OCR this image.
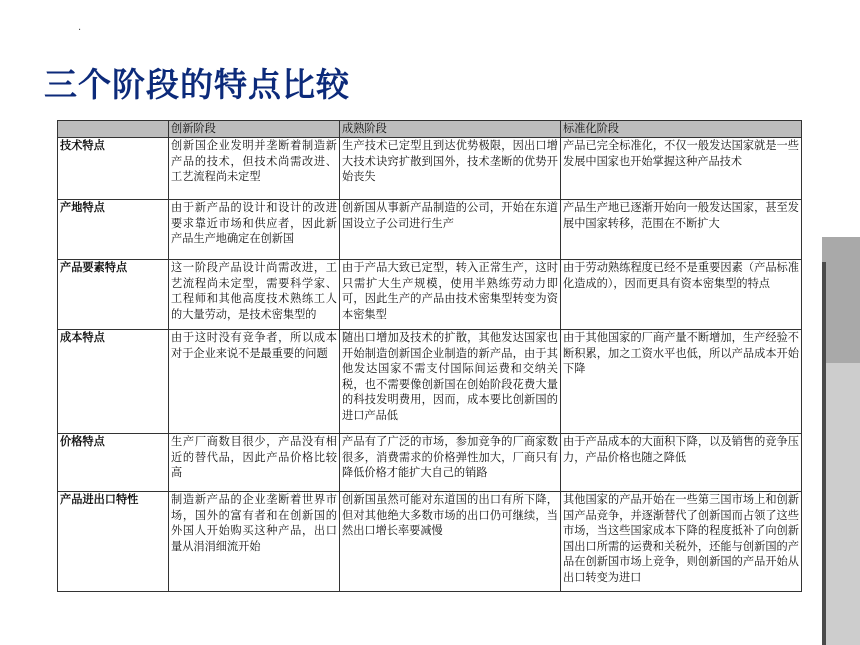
·
三个阶段的特点比较
	创新阶段	成熟阶段	标准化阶段
技术特点	创新国企业发明并垄断着制造新产品的技术，但技术尚需改进、工艺流程尚未定型	生产技术已定型且到达优势极限，因出口增大技术诀窍扩散到国外，技术垄断的优势开始丧失	产品已完全标准化，不仅一般发达国家就是一些发展中国家也开始掌握这种产品技术
产地特点	由于新产品的设计和设计的改进要求靠近市场和供应者，因此新产品生产地确定在创新国	创新国从事新产品制造的公司，开始在东道国设立子公司进行生产	产品生产地已逐渐开始向一般发达国家，甚至发展中国家转移，范围在不断扩大
产品要素特点	这一阶段产品设计尚需改进，工艺流程尚未定型，需要科学家、工程师和其他高度技术熟练工人的大量劳动，是技术密集型的	由于产品大致已定型，转入正常生产，这时只需扩大生产规模，使用半熟练劳动力即可，因此生产的产品由技术密集型转变为资本密集型	由于劳动熟练程度已经不是重要因素（产品标准化造成的），因而更具有资本密集型的特点
成本特点	由于这时没有竞争者，所以成本对于企业来说不是最重要的问题	随出口增加及技术的扩散，其他发达国家也开始制造创新国企业制造的新产品，由于其他发达国家不需支付国际间运费和交纳关税，也不需要像创新国在创始阶段花费大量的科技发明费用，因而，成本要比创新国的进口产品低	由于其他国家的厂商产量不断增加，生产经验不断积累，加之工资水平也低，所以产品成本开始下降
价格特点	生产厂商数目很少，产品没有相近的替代品，因此产品价格比较高	产品有了广泛的市场，参加竞争的厂商家数很多，消费需求的价格弹性加大，厂商只有降低价格才能扩大自己的销路	由于产品成本的大面积下降，以及销售的竞争压力，产品价格也随之降低
产品进出口特性	制造新产品的企业垄断着世界市场，国外的富有者和在创新国的外国人开始购买这种产品，出口量从涓涓细流开始	创新国虽然可能对东道国的出口有所下降，但对其他绝大多数市场的出口仍可继续，当然出口增长率要减慢	其他国家的产品开始在一些第三国市场上和创新国产品竞争，并逐渐替代了创新国而占领了这些市场，当这些国家成本下降的程度抵补了向创新国出口所需的运费和关税外，还能与创新国的产品在创新国市场上竞争，则创新国的产品开始从出口转变为进口
